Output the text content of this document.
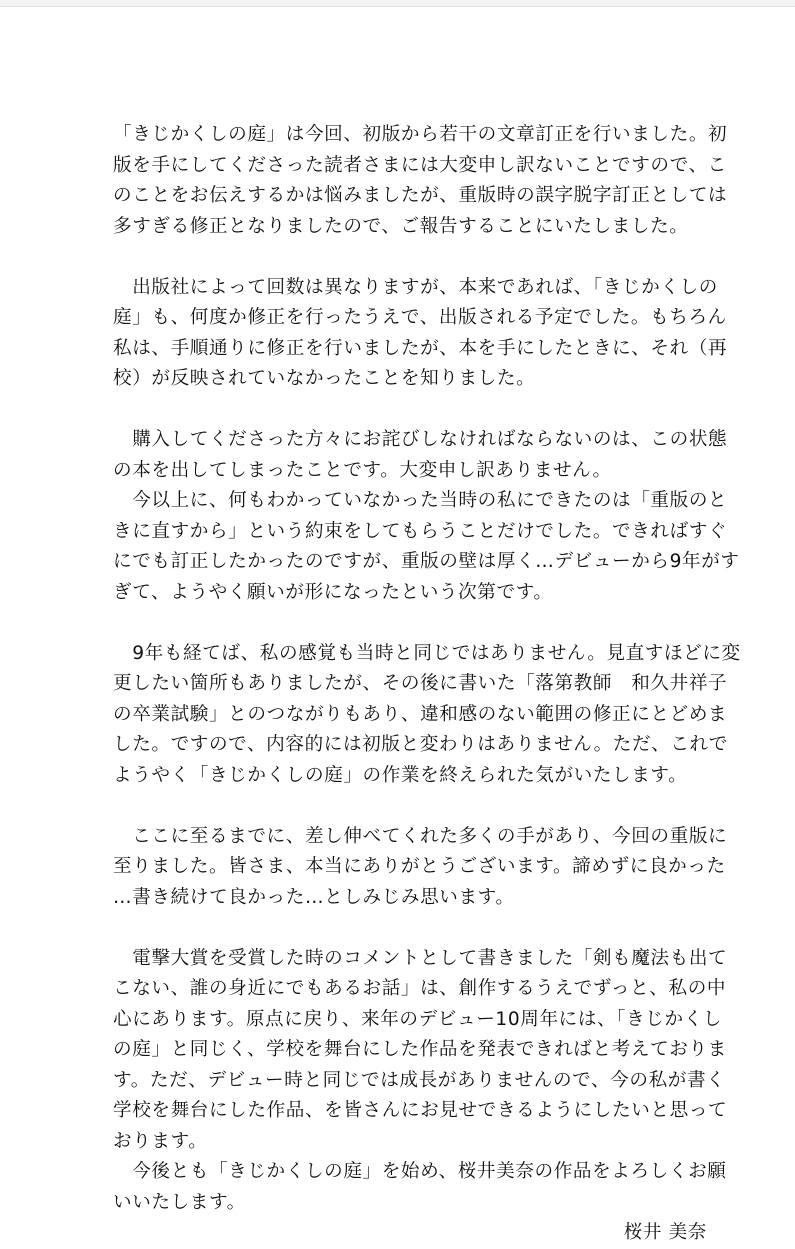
「きじかくしの庭」は今回、初版から若干の文章訂正を行いました。初
版を手にしてくださった読者さまには大変申し訳ないことですので、こ
のことをお伝えするかは悩みましたが、重版時の誤字脱字訂正としては
多すぎる修正となりましたので、ご報告することにいたしました。
　出版社によって回数は異なりますが、本来であれば、「きじかくしの
庭」も、何度か修正を行ったうえで、出版される予定でした。もちろん
私は、手順通りに修正を行いましたが、本を手にしたときに、それ（再
校）が反映されていなかったことを知りました。
　購入してくださった方々にお詫びしなければならないのは、この状態
の本を出してしまったことです。大変申し訳ありません。
　今以上に、何もわかっていなかった当時の私にできたのは「重版のと
きに直すから」という約束をしてもらうことだけでした。できればすぐ
にでも訂正したかったのですが、重版の壁は厚く…デビューから9年がす
ぎて、ようやく願いが形になったという次第です。
　9年も経てば、私の感覚も当時と同じではありません。見直すほどに変
更したい箇所もありましたが、その後に書いた「落第教師　和久井祥子
の卒業試験」とのつながりもあり、違和感のない範囲の修正にとどめま
した。ですので、内容的には初版と変わりはありません。ただ、これで
ようやく「きじかくしの庭」の作業を終えられた気がいたします。
　ここに至るまでに、差し伸べてくれた多くの手があり、今回の重版に
至りました。皆さま、本当にありがとうございます。諦めずに良かった
…書き続けて良かった…としみじみ思います。
　電撃大賞を受賞した時のコメントとして書きました「剣も魔法も出て
こない、誰の身近にでもあるお話」は、創作するうえでずっと、私の中
心にあります。原点に戻り、来年のデビュー10周年には、「きじかくし
の庭」と同じく、学校を舞台にした作品を発表できればと考えておりま
す。ただ、デビュー時と同じでは成長がありませんので、今の私が書く
学校を舞台にした作品、を皆さんにお見せできるようにしたいと思って
おります。
　今後とも「きじかくしの庭」を始め、桜井美奈の作品をよろしくお願
いいたします。
桜井 美奈
